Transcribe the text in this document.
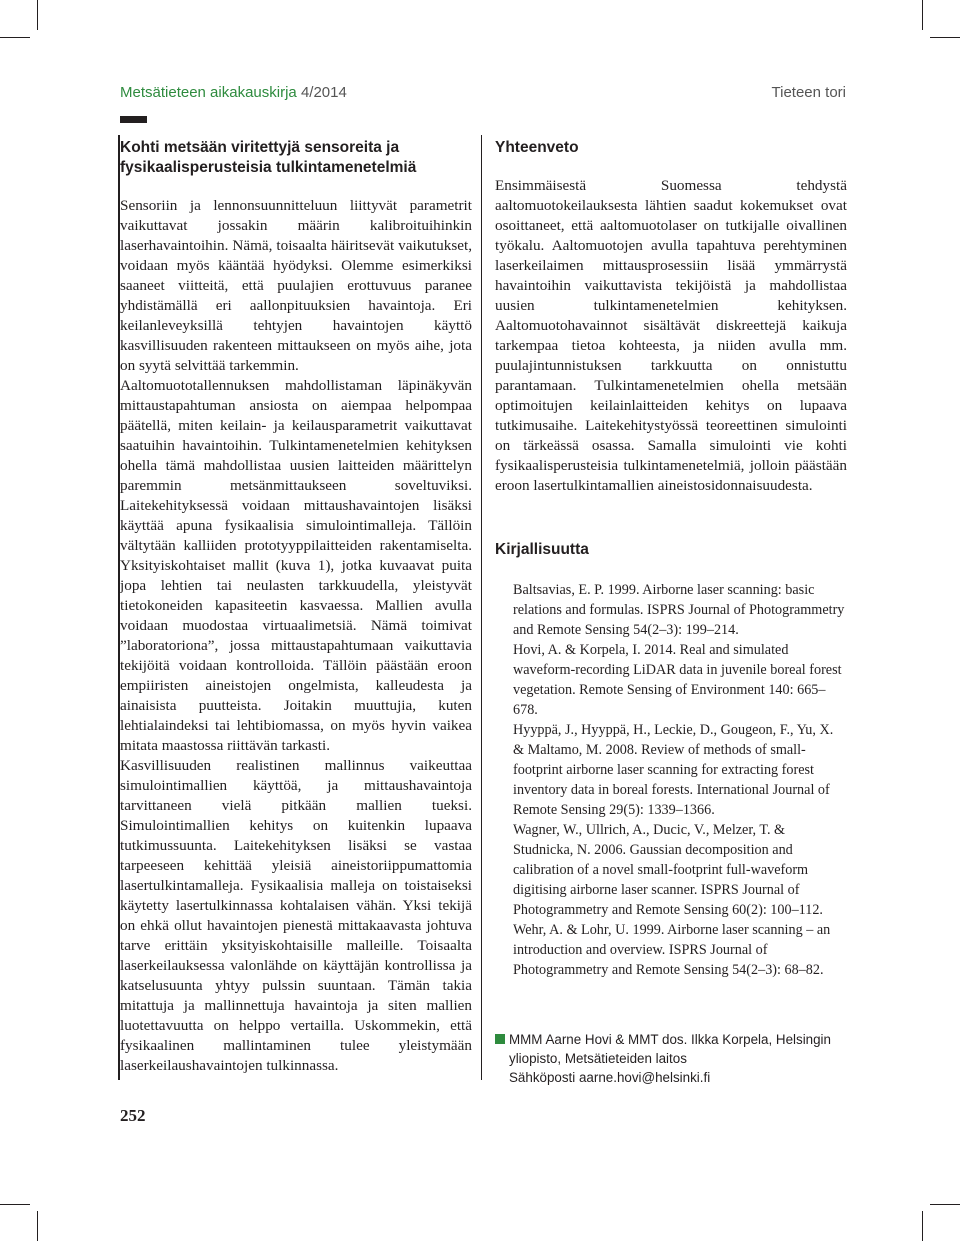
Metsätieteen aikakauskirja 4/2014	Tieteen tori
Kohti metsään viritettyjä sensoreita ja
fysikaalisperusteisia tulkintamenetelmiä

Sensoriin ja lennonsuunnitteluun liittyvät parametrit vaikuttavat jossakin määrin kalibroituihinkin laserhavaintoihin. Nämä, toisaalta häiritsevät vaikutukset, voidaan myös kääntää hyödyksi. Olemme esimerkiksi saaneet viitteitä, että puulajien erottuvuus paranee yhdistämällä eri aallonpituuksien havaintoja. Eri keilanleveyksillä tehtyjen havaintojen käyttö kasvillisuuden rakenteen mittaukseen on myös aihe, jota on syytä selvittää tarkemmin.

Aaltomuototallennuksen mahdollistaman läpinäkyvän mittaustapahtuman ansiosta on aiempaa helpompaa päätellä, miten keilain- ja keilausparametrit vaikuttavat saatuihin havaintoihin. Tulkintamenetelmien kehityksen ohella tämä mahdollistaa uusien laitteiden määrittelyn paremmin metsänmittaukseen soveltuviksi. Laitekehityksessä voidaan mittaushavaintojen lisäksi käyttää apuna fysikaalisia simulointimalleja. Tällöin vältytään kalliiden prototyyppilaitteiden rakentamiselta. Yksityiskohtaiset mallit (kuva 1), jotka kuvaavat puita jopa lehtien tai neulasten tarkkuudella, yleistyvät tietokoneiden kapasiteetin kasvaessa. Mallien avulla voidaan muodostaa virtuaalimetsiä. Nämä toimivat ”laboratoriona”, jossa mittaustapahtumaan vaikuttavia tekijöitä voidaan kontrolloida. Tällöin päästään eroon empiiristen aineistojen ongelmista, kalleudesta ja ainaisista puutteista. Joitakin muuttujia, kuten lehtialaindeksi tai lehtibiomassa, on myös hyvin vaikea mitata maastossa riittävän tarkasti.

Kasvillisuuden realistinen mallinnus vaikeuttaa simulointimallien käyttöä, ja mittaushavaintoja tarvittaneen vielä pitkään mallien tueksi. Simulointimallien kehitys on kuitenkin lupaava tutkimussuunta. Laitekehityksen lisäksi se vastaa tarpeeseen kehittää yleisiä aineistoriippumattomia lasertulkintamalleja. Fysikaalisia malleja on toistaiseksi käytetty lasertulkinnassa kohtalaisen vähän. Yksi tekijä on ehkä ollut havaintojen pienestä mittakaavasta johtuva tarve erittäin yksityiskohtaisille malleille. Toisaalta laserkeilauksessa valonlähde on käyttäjän kontrollissa ja katselusuunta yhtyy pulssin suuntaan. Tämän takia mitattuja ja mallinnettuja havaintoja ja siten mallien luotettavuutta on helppo vertailla. Uskommekin, että fysikaalinen mallintaminen tulee yleistymään laserkeilaushavaintojen tulkinnassa.

Yhteenveto

Ensimmäisestä Suomessa tehdystä aaltomuotokeilauksesta lähtien saadut kokemukset ovat osoittaneet, että aaltomuotolaser on tutkijalle oivallinen työkalu. Aaltomuotojen avulla tapahtuva perehtyminen laserkeilaimen mittausprosessiin lisää ymmärrystä havaintoihin vaikuttavista tekijöistä ja mahdollistaa uusien tulkintamenetelmien kehityksen. Aaltomuotohavainnot sisältävät diskreettejä kaikuja tarkempaa tietoa kohteesta, ja niiden avulla mm. puulajintunnistuksen tarkkuutta on onnistuttu parantamaan. Tulkintamenetelmien ohella metsään optimoitujen keilainlaitteiden kehitys on lupaava tutkimusaihe. Laitekehitystyössä teoreettinen simulointi on tärkeässä osassa. Samalla simulointi vie kohti fysikaalisperusteisia tulkintamenetelmiä, jolloin päästään eroon lasertulkintamallien aineistosidonnaisuudesta.

Kirjallisuutta

Baltsavias, E. P. 1999. Airborne laser scanning: basic relations and formulas. ISPRS Journal of Photogrammetry and Remote Sensing 54(2–3): 199–214.

Hovi, A. & Korpela, I. 2014. Real and simulated waveform-recording LiDAR data in juvenile boreal forest vegetation. Remote Sensing of Environment 140: 665–678.

Hyyppä, J., Hyyppä, H., Leckie, D., Gougeon, F., Yu, X. & Maltamo, M. 2008. Review of methods of small-footprint airborne laser scanning for extracting forest inventory data in boreal forests. International Journal of Remote Sensing 29(5): 1339–1366.

Wagner, W., Ullrich, A., Ducic, V., Melzer, T. & Studnicka, N. 2006. Gaussian decomposition and calibration of a novel small-footprint full-waveform digitising airborne laser scanner. ISPRS Journal of Photogrammetry and Remote Sensing 60(2): 100–112.

Wehr, A. & Lohr, U. 1999. Airborne laser scanning – an introduction and overview. ISPRS Journal of Photogrammetry and Remote Sensing 54(2–3): 68–82.

MMM Aarne Hovi & MMT dos. Ilkka Korpela, Helsingin
yliopisto, Metsätieteiden laitos
Sähköposti aarne.hovi@helsinki.fi
252
